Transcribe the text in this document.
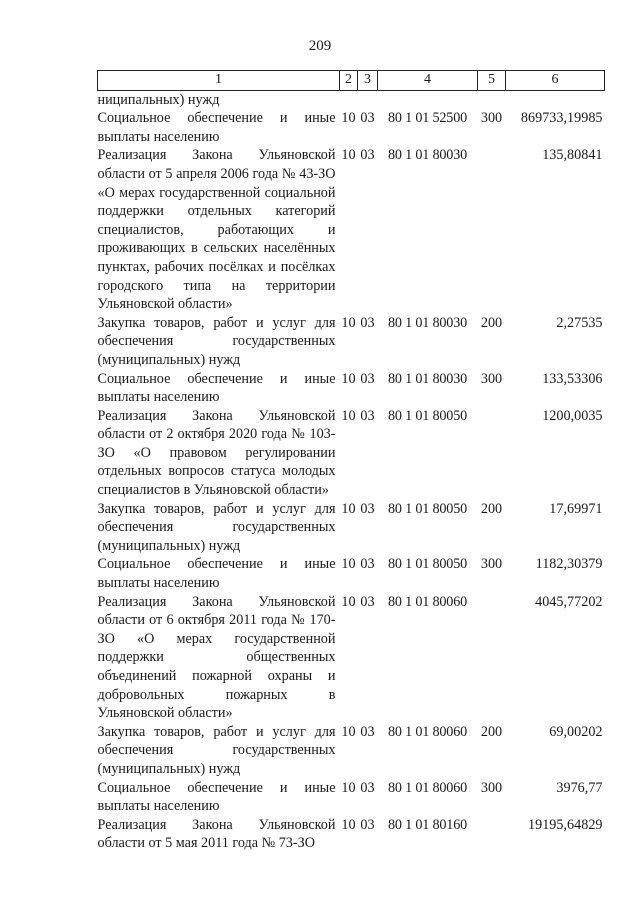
209
1	2	3	4	5	6
ниципальных) нужд					
Социальное обеспечение и иные выплаты населению	10	03	80 1 01 52500	300	869733,19985
Реализация Закона Ульяновской области от 5 апреля 2006 года № 43-ЗО «О мерах государственной социальной поддержки отдельных категорий специалистов, работающих и проживающих в сельских населённых пунктах, рабочих посёлках и посёлках городского типа на территории Ульяновской области»	10	03	80 1 01 80030		135,80841
Закупка товаров, работ и услуг для обеспечения государственных (муниципальных) нужд	10	03	80 1 01 80030	200	2,27535
Социальное обеспечение и иные выплаты населению	10	03	80 1 01 80030	300	133,53306
Реализация Закона Ульяновской области от 2 октября 2020 года № 103-ЗО «О правовом регулировании отдельных вопросов статуса молодых специалистов в Ульяновской области»	10	03	80 1 01 80050		1200,0035
Закупка товаров, работ и услуг для обеспечения государственных (муниципальных) нужд	10	03	80 1 01 80050	200	17,69971
Социальное обеспечение и иные выплаты населению	10	03	80 1 01 80050	300	1182,30379
Реализация Закона Ульяновской области от 6 октября 2011 года № 170-ЗО «О мерах государственной поддержки общественных объединений пожарной охраны и добровольных пожарных в Ульяновской области»	10	03	80 1 01 80060		4045,77202
Закупка товаров, работ и услуг для обеспечения государственных (муниципальных) нужд	10	03	80 1 01 80060	200	69,00202
Социальное обеспечение и иные выплаты населению	10	03	80 1 01 80060	300	3976,77
Реализация Закона Ульяновской области от 5 мая 2011 года № 73-ЗО	10	03	80 1 01 80160		19195,64829
